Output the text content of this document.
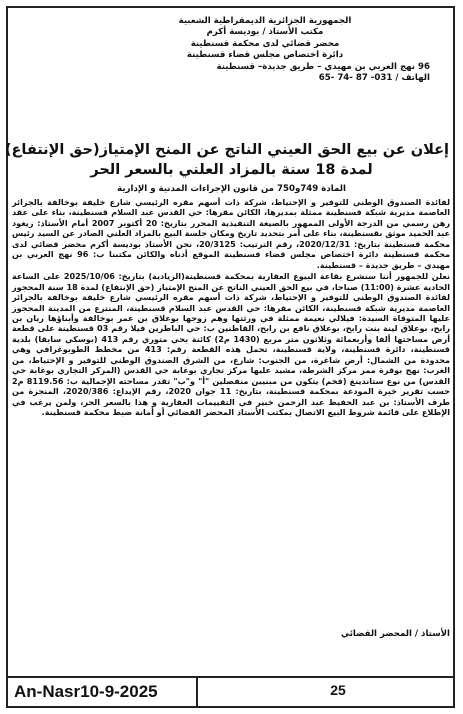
الجمهورية الجزائرية الديمقراطية الشعبية
مكتب الأستاذ / بوديسة أكرم
محضر قضائي لدى محكمة قسنطينة
دائرة اختصاص مجلس قضاء قسنطينة
96 نهج العربي بن مهيدي – طريق جديدة– قسنطينة
الهاتف / 031- 87 -74 -65
إعلان عن بيع الحق العيني الناتج عن المنح الإمتياز(حق الإنتفاع)
لمدة 18 سنة بالمزاد العلني بالسعر الحر
المادة 749و750 من قانون الإجراءات المدنية و الإدارية

لفائدة الصندوق الوطني للتوفير و الإحتياط، شركة ذات أسهم مقره الرئيسي شارع خليفة بوخالفة بالجزائر العاصمة مديرية شبكة قسنطينة ممثلة بمديرها، الكائن مقرها: حي القدس عبد السلام قسنطينة، بناء على عقد رهن رسمي من الدرجة الأولى الممهور بالصيغة التنفيذية المحرر بتاريخ: 20 أكتوبر 2007 أمام الأستاذ: زيغود عبد الحميد موثق بقسنطينة، بناء على أمر بتحديد تاريخ ومكان جلسة البيع بالمزاد العلني الصادر عن السيد رئيس محكمة قسنطينة بتاريخ: 2020/12/31، رقم الترتيب: 20/3125، نحن الأستاذ بوديسة أكرم محضر قضائي لدى محكمة قسنطينة دائرة اختصاص مجلس قضاء قسنطينة الموقع أدناه والكائن مكتبنا ب: 96 نهج العربي بن مهيدي – طريق جديدة – قسنطينة.

نعلن للجمهور أننا سنشرع بقاعة البيوع العقارية بمحكمة قسنطينة(الزيادية) بتاريخ: 2025/10/06 على الساعة الحادية عشرة (11:00) صباحا، في بيع الحق العيني الناتج عن المنح الإمتياز (حق الإنتفاع) لمدة 18 سنة المحجوز لفائدة الصندوق الوطني للتوفير و الإحتياط، شركة ذات أسهم مقره الرئيسي شارع خليفة بوخالفة بالجزائر العاصمة مديرية شبكة قسنطينة، الكائن مقرها: حي القدس عبد السلام قسنطينة، المنتزع من المدينة المحجوز عليها المتوفاة السيدة: فيلالي نعيمة ممثلة في ورثتها وهم زوجها بوعلاق بن عمر بوخالفة وأبناؤها ريان بن رابح، بوعلاق لينة بنت رابح، بوعلاق نافع بن رابح، القاطنين ب: حي الباطرين فيلا رقم 03 قسنطينة على قطعة أرض مساحتها ألفا وأربعمائة وثلاثون متر مربع (1430 م2) كائنة بحي متوري رقم 413 (بوسكي سابقا) بلدية قسنطينة، دائرة قسنطينة، ولاية قسنطينة، تحمل هذه القطعة رقم: 413 من مخطط الطوبوغرافي وهي محدودة من الشمال: أرض شاغرة، من الجنوب: شارع، من الشرق الصندوق الوطني للتوفير و الإحتياط، من الغرب: نهج بوقرة ممر مركز الشرطة، مشيد عليها مركز تجاري بوغابة حي القدس (المركز التجاري بوغابة حي القدس) من نوع ستاندينغ (فخم) يتكون من مبنيين منفصلين "أ" و"ب" تقدر مساحته الإجمالية ب: 8119.56 م2 حسب تقرير خبرة المودعة بمحكمة قسنطينة، بتاريخ: 11 جوان 2020، رقم الإيداع: 2020/386، المنجزة من طرف الأستاذ: بن عبد الحفيظ عبد الرحمن خبير في التقييمات العقارية و هذا بالسعر الحر، ولمن يرغب في الإطلاع على قائمة شروط البيع الاتصال بمكتب الأستاذ المحضر القضائي أو أمانة ضبط محكمة قسنطينة.

الأستاذ / المحضر القضائي
An-Nasr10-9-2025	25
